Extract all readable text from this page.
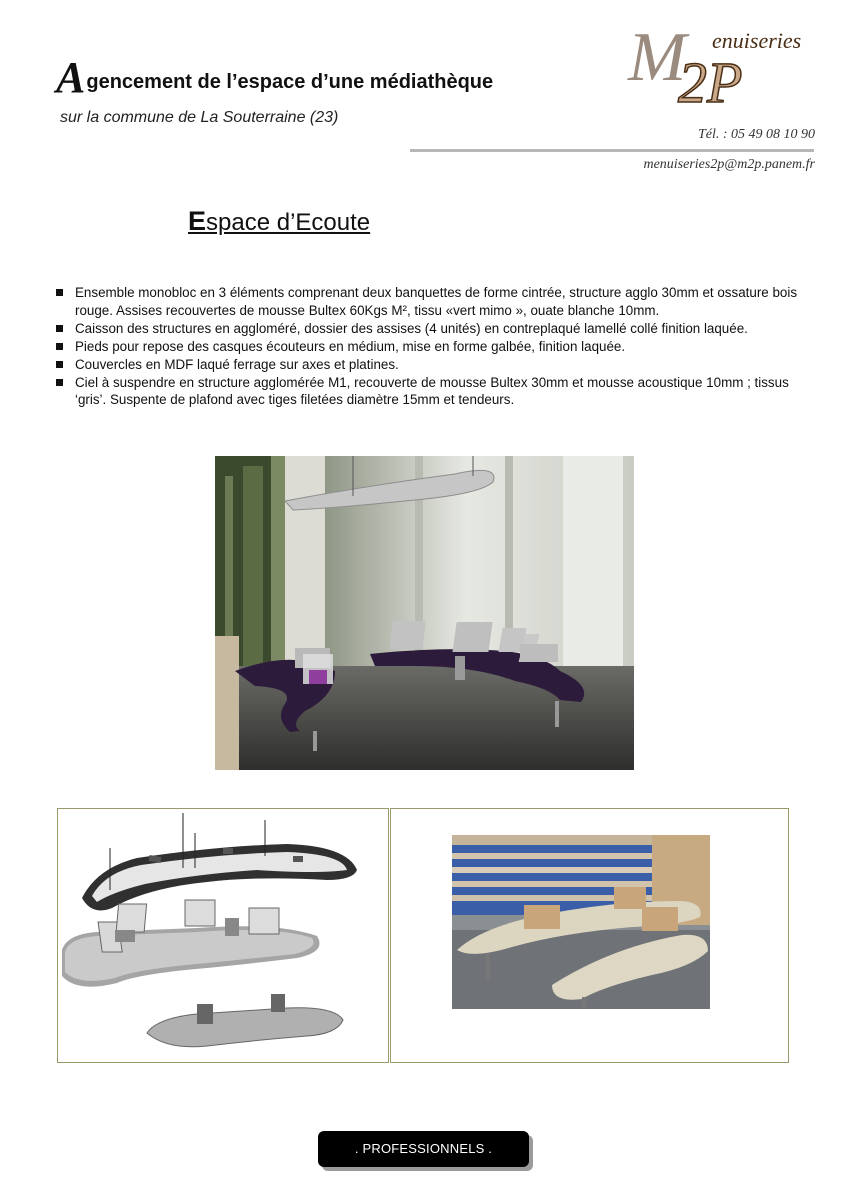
Agencement de l’espace d’une médiathèque
sur la commune de La Souterraine (23)
M
2P
enuiseries
Tél. : 05 49 08 10 90
menuiseries2p@m2p.panem.fr
Espace d’Ecoute
Ensemble monobloc en 3 éléments comprenant deux banquettes de forme cintrée, structure agglo 30mm et ossature bois rouge. Assises recouvertes de mousse Bultex 60Kgs M², tissu «vert mimo », ouate blanche 10mm.
Caisson des structures en aggloméré, dossier des assises (4 unités) en contreplaqué lamellé collé finition laquée.
Pieds pour repose des casques écouteurs en médium, mise en forme galbée, finition laquée.
Couvercles en MDF laqué ferrage sur axes et platines.
Ciel à suspendre en structure agglomérée M1, recouverte de mousse Bultex 30mm et mousse acoustique 10mm ; tissus ‘gris’. Suspente de plafond avec tiges filetées diamètre 15mm et tendeurs.
. PROFESSIONNELS .
